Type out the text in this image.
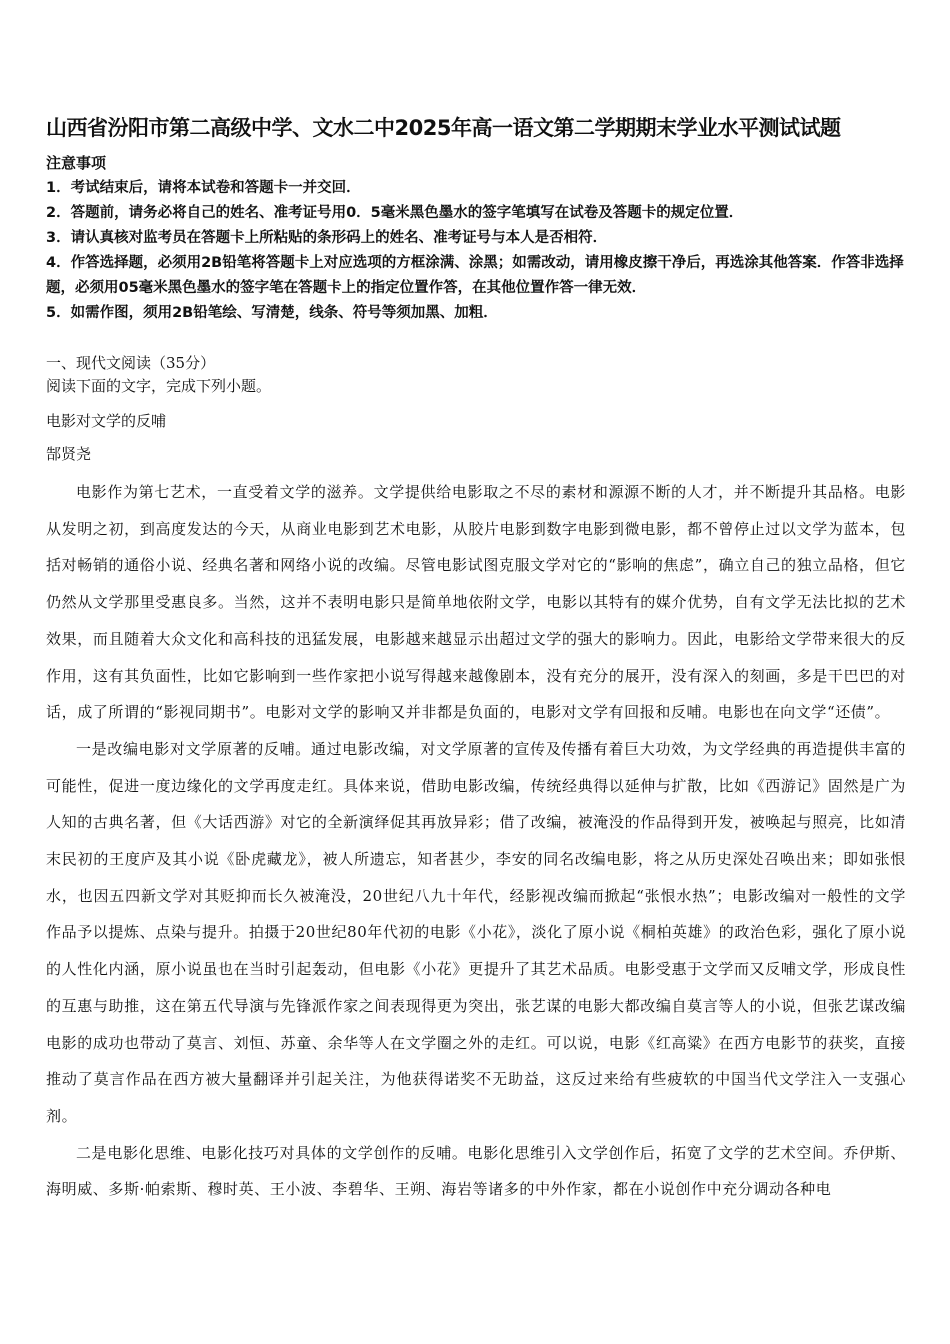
山西省汾阳市第二高级中学、文水二中2025年高一语文第二学期期末学业水平测试试题
注意事项
1．考试结束后，请将本试卷和答题卡一并交回．
2．答题前，请务必将自己的姓名、准考证号用0．5毫米黑色墨水的签字笔填写在试卷及答题卡的规定位置．
3．请认真核对监考员在答题卡上所粘贴的条形码上的姓名、准考证号与本人是否相符．
4．作答选择题，必须用2B铅笔将答题卡上对应选项的方框涂满、涂黑；如需改动，请用橡皮擦干净后，再选涂其他答案．作答非选择题，必须用05毫米黑色墨水的签字笔在答题卡上的指定位置作答，在其他位置作答一律无效．
5．如需作图，须用2B铅笔绘、写清楚，线条、符号等须加黑、加粗．
一、现代文阅读（35分）
阅读下面的文字，完成下列小题。
电影对文学的反哺
郜贤尧

电影作为第七艺术，一直受着文学的滋养。文学提供给电影取之不尽的素材和源源不断的人才，并不断提升其品格。电影从发明之初，到高度发达的今天，从商业电影到艺术电影，从胶片电影到数字电影到微电影，都不曾停止过以文学为蓝本，包括对畅销的通俗小说、经典名著和网络小说的改编。尽管电影试图克服文学对它的“影响的焦虑”，确立自己的独立品格，但它仍然从文学那里受惠良多。当然，这并不表明电影只是简单地依附文学，电影以其特有的媒介优势，自有文学无法比拟的艺术效果，而且随着大众文化和高科技的迅猛发展，电影越来越显示出超过文学的强大的影响力。因此，电影给文学带来很大的反作用，这有其负面性，比如它影响到一些作家把小说写得越来越像剧本，没有充分的展开，没有深入的刻画，多是干巴巴的对话，成了所谓的“影视同期书”。电影对文学的影响又并非都是负面的，电影对文学有回报和反哺。电影也在向文学“还债”。

一是改编电影对文学原著的反哺。通过电影改编，对文学原著的宣传及传播有着巨大功效，为文学经典的再造提供丰富的可能性，促进一度边缘化的文学再度走红。具体来说，借助电影改编，传统经典得以延伸与扩散，比如《西游记》固然是广为人知的古典名著，但《大话西游》对它的全新演绎促其再放异彩；借了改编，被淹没的作品得到开发，被唤起与照亮，比如清末民初的王度庐及其小说《卧虎藏龙》，被人所遗忘，知者甚少，李安的同名改编电影，将之从历史深处召唤出来；即如张恨水，也因五四新文学对其贬抑而长久被淹没，20世纪八九十年代，经影视改编而掀起“张恨水热”；电影改编对一般性的文学作品予以提炼、点染与提升。拍摄于20世纪80年代初的电影《小花》，淡化了原小说《桐柏英雄》的政治色彩，强化了原小说的人性化内涵，原小说虽也在当时引起轰动，但电影《小花》更提升了其艺术品质。电影受惠于文学而又反哺文学，形成良性的互惠与助推，这在第五代导演与先锋派作家之间表现得更为突出，张艺谋的电影大都改编自莫言等人的小说，但张艺谋改编电影的成功也带动了莫言、刘恒、苏童、余华等人在文学圈之外的走红。可以说，电影《红高粱》在西方电影节的获奖，直接推动了莫言作品在西方被大量翻译并引起关注，为他获得诺奖不无助益，这反过来给有些疲软的中国当代文学注入一支强心剂。

二是电影化思维、电影化技巧对具体的文学创作的反哺。电影化思维引入文学创作后，拓宽了文学的艺术空间。乔伊斯、海明威、多斯·帕索斯、穆时英、王小波、李碧华、王朔、海岩等诸多的中外作家，都在小说创作中充分调动各种电
